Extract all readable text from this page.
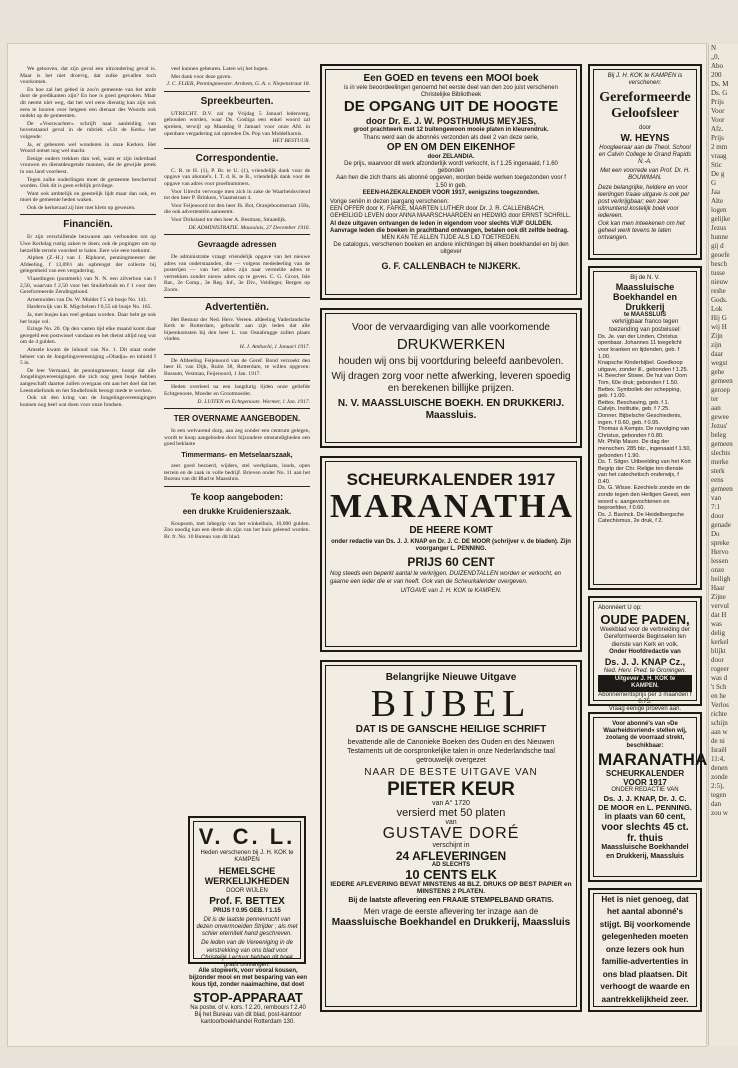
We gelooven, dat zijn geval een uitzondering geval is. Maar is het niet droevig, dat zulke gevallen toch voorkomen.

En hoe zal het gebed in zoo'n gemeente van het ambt door de predikanten zijn? En hoe is goed gesproken. Maar dit neemt niet weg, dat het wel eens dienstig kan zijn ook eens te hooren over hetgeen een dienaar des Woords ook ondekt op de gemeenten.

De »Voorwachter« schrijft naar aanleiding van bovenstaand geval in de rubriek »Uit de Kerk« het volgende:

Ja, er gebeuren wel wonderen in onze Kerken. Het Woord ontset nog wel macht.

Eenige ouders trekken dan wel, want er zijn inderdaad vrouwen en dienstdeugende mannen, die de gewijde preek in ons land voorleest.

Tegen zulke ouderlingen moet de gemeente beschermd worden. Ook dit is geen erfelijk privilege.

Want ook ambtelijk en geestelijk lijdt maar dan ook, en moet de gemeente heden waken.

Ook de kerkeraad zij hier met klem op gewezen.

Financiën.

Er zijn verschillende bezwaren aan verbonden om op Uwe Kerkdag rustig zaken te doen; ook de pogingen om op hetzelfde terrein voordeel te halen. Eere wie eere toekomt.

Alphen (Z.-H.) van J. Riphorst, penningmeester der Afdeeling, f 13,09½ als opbrengst der collecte bij gelegenheid van een vergadering.

Vlaardingen (postmerk) van N. N. een zilverbon van f 2,50, waarvan f 2,50 voor het Studiefonds en f 1 voor den Gereformeerde Zendingsbond.

Arnemuiden van Ds. W. Mulder f 5 uit busje No. 141.

Harderwijk van R. Migchelsen f 6,55 uit busje No. 165.

Ja, met busjes kan veel gedaan worden. Daar hebt ge ook het busje vol.

Ezinge No. 20. Op den vasten tijd elke maand komt daar geregeld een postwissel vandaan en het dienst altijd nog wat om de 4 gulden.

Amsele kwam de inhoud van No. 1. Dit staat onder beheer van de Jongelingsvereeniging »Obadja« en inhield f 5 in.

De leer Vermaasl, de penningmeester, hoopt dat alle Jongelingsvereenigingen die zich nog geen busje hebben aangeschaft daartoe zullen overgaan om aan het doel dat het Leestudiefonds en het Studiefonds beoogt mede te werken.

Ook uit den kring van de Jongelingsvereenigingen kunnen nog heel wat doen voor onze fondsen.

veel kunnen gebeuren. Laten wij het hopen.

Met dank voor deze gaven.

J. C. FLIER, Penningmeester. Arnhem, G. A. v. Niepenstraat 18.

Spreekbeurten.

UTRECHT. D.V. zal op Vrijdag 5 Januari ledenverg. gehouden worden, waar Ds. Gosliga een enkel woord zal spreken, terwijl op Maandag 8 Januari voor onze Afd. in openbare vergadering zal optreden Ds. Pop van Middelharnis.

HET BESTUUR.

Correspondentie.

C. R. te H. (1), P. Br. te U. (1), vriendelijk dank voor de opgave van abonné's. I. T. d. K. te B., vriendelijk dank voor de opgave van adres voor proefnummers.

Voor Utrecht vervooge men zich in zake de Waarheidsvriend tot den heer P. Brinkers, Vlaamstraat 4.

Voor Feijenoord tot den heer Jh. Bot, Oranjeboomstraat 158a, die ook advertentiën aanneemt.

Voor Dirksland tot den heer A. Bestman, Straatdijk.

DE ADMINISTRATIE. Maassluis, 27 December 1916.

Gevraagde adressen

De administratie vraagt vriendelijk opgave van het nieuwe adres van onderstaanden, die — volgens mededeeling van de posterijen — van het adres zijn naar vermelde adres te vertrekken zonder nieuw adres op te geven. C. G. Groot, Isle Bat., 2e Comp., 3e Reg. Inf., 3e Div., Veldleger, Bergen op Zoom.

Advertentiën.

Het Bestuur der Ned. Herv. Vereen. afdeeling Vaderlandsche Kerk te Rotterdam, gebracht aan zijn leden dat alle bijeenkomsten bij den heer L. van Osnabrugge zullen plaats vinden.

H. J. Ambachi, 1 Januari 1917.

De Afdeeling Feijenoord van de Geref. Bond verzoekt den heer H. van Dijk, Ruim 38, Rotterdam, te willen opgeven: Bussum, Vestman, Feijenoord, 1 Jan. 1917.

Heden overleed na een langdurig lijden onze geliefde Echtgenoote, Moeder en Grootmoeder.

D. LUITEN en Echtgenoote. Wormer, 1 Jan. 1917.

TER OVERNAME AANGEBODEN.

In een welvarend dorp, aan zeg zonder een centrum gelegen, wordt te koop aangeboden door bijzondere omstandigheden een goed beklante

Timmermans- en Metselaarszaak,

zeer goed bezoerd, wijders, stel werkplaats, loods, open terrein en de zaak in volle bedrijf. Brieven onder No. 11 aan het Bureau van dit Blad te Maassluis.

Te koop aangeboden:
een drukke Kruidenierszaak.

Koopsom, met inbegrip van het winkelhuis, 10,000 gulden. Zoo noodig kan een derde als zijn van het huis geleend worden. Br. fr. No. 10 Bureau van dit blad.

V. C. L.
Heden verschenen bij J. H. KOK te KAMPEN
HEMELSCHE WERKELIJKHEDEN
DOOR WIJLEN
Prof. F. BETTEX
PRIJS f 0.95 GEB. f 1.15
Dit is de laatste pennevrucht van dezen onvermoeiden Strijder ; als met schier eterniteit hand geschreven.
De leden van de Vereeniging in de verstrekking van ons blad voor Christelijk Lectuur hebben dit boek gratis ontvangen.
Alle stopwerk, voor vooral kousen, bijzonder mooi en met besparing van een kous tijd, zonder naaimachine, dat doet
STOP-APPARAAT
Na postw. of v. kors. f 2.20, rembours f 2.40 Bij het Bureau van dit blad, post-kantoor kantoorboekhandel Rotterdam 130.
Een GOED en tevens een MOOI boek
is in vele beoordeelingen genoemd het eerste deel van den zoo juist verschenen Christelijke Bibliotheek
DE OPGANG UIT DE HOOGTE
door Dr. E. J. W. POSTHUMUS MEYJES,
groot prachtwerk met 12 buitengewoon mooie platen in kleurendruk.
Thans werd aan de abonnés verzonden als deel 2 van deze serie,
OP EN OM DEN EIKENHOF
door ZELANDIA.
De prijs, waarvoor dit werk afzonderlijk wordt verkocht, is f 1.25 ingenaaid, f 1.60 gebonden
Aan hen die zich thans als abonné opgeven, worden beide werken toegezonden voor f 1.50 in geb.
EEEN-HAZEKALENDER VOOR 1917, eenigszins toegezonden.
Vorige seriën in dezen jaargang verschenen:
EEN OFFER door K. FAFKE, MAARTEN LUTHER door Dr. J. R. CALLENBACH, GEHEILIGD LEVEN door ANNA MAARSCHAARDEN en HEDWIG door ERNST SCHRILL.
Al deze uitgaven ontvangen de leden in eigendom voor slechts VIJF GULDEN. Aanvrage leden die boeken in prachtband ontvangen, betalen ook dit zelfde bedrag.
MEN KAN TE ALLEN TIJDE ALS LID TOETREDEN.
De catalogus, verschenen boeken en andere inlichtingen bij elken boekhandel en bij den uitgever
G. F. CALLENBACH te NIJKERK.
Voor de vervaardiging van alle voorkomende
DRUKWERKEN
houden wij ons bij voortduring beleefd aanbevolen.
Wij dragen zorg voor nette afwerking, leveren spoedig en berekenen billijke prijzen.
N. V. MAASSLUISCHE BOEKH. EN DRUKKERIJ.
Maassluis.
SCHEURKALENDER 1917
MARANATHA
DE HEERE KOMT
onder redactie van Ds. J. J. KNAP en Dr. J. C. DE MOOR (schrijver v. de bladen). Zijn voorganger L. PENNING.
PRIJS 60 CENT
Nog steeds een beperkt aantal te verkrijgen. DUIZENDTALLEN worden er verkocht, en gaarne een ieder die er van heeft. Ook van de Scheurkalender overgeven.
UITGAVE van J. H. KOK te KAMPEN.
Belangrijke Nieuwe Uitgave
BIJBEL
DAT IS DE GANSCHE HEILIGE SCHRIFT
bevattende alle de Canonieke Boeken des Ouden en des Nieuwen Testaments uit de oorspronkelijke talen in onze Nederlandsche taal getrouwelijk overgezet
NAAR DE BESTE UITGAVE VAN
PIETER KEUR
van A° 1720
versierd met 50 platen
van
GUSTAVE DORÉ
verschijnt in
24 AFLEVERINGEN
AD SLECHTS
10 CENTS ELK
IEDERE AFLEVERING BEVAT MINSTENS 48 BLZ. DRUKS OP BEST PAPIER en MINSTENS 2 PLATEN.
Bij de laatste aflevering een FRAAIE STEMPELBAND GRATIS.
Men vrage de eerste aflevering ter inzage aan de
Maassluische Boekhandel en Drukkerij, Maassluis
Bij J. H. KOK te KAMPEN is verschenen:
Gereformeerde Geloofsleer
door
W. HEYNS
Hoogleeraar aan de Theol. School en Calvin College te Grand Rapids N.-A.
Met een voorrede van Prof. Dr. H. BOUWMAN.
Deze belangrijke, heldere en voor leerlingen fraaie uitgave is ook per post verkrijgbaar; een zeer uitmuntend kostelijk boek voor iedereen.
Ook kan men inteekenen om het geheel werk tevens te laten ontvangen.
Bij de N. V.
Maassluische Boekhandel en Drukkerij
te MAASSLUIS
verkrijgbaar franco tegen toezending van postwissel:

Ds. Je. van der Linden, Christus openbaar. Johannes 11 toegelicht voor kranken en lijdenden, geb. f 1.00.

Knapsche Kinderbijbel. Goedkoop uitgave, zonder ill., gebonden f 1.25.

H. Beecher Stowe. De hut van Oom Tom, 60e druk; gebonden f 1.50.

Bettex. Symboliek der schepping, geb. f 1.00.

Bettex. Beschaving, geb. f 1.

Calvijn. Institutie, geb. f 7.25.

Donner. Bijbelsche Geschiedenis, ingen. f 0.60, geb. f 0.95.

Thomas à Kempis. De navolging van Christus, gebonden f 0.80.

Mr. Philip Mauro. De dag der menschen. 285 blz., ingenaaid f 1.50, gebonden f 1.90.

Ds. T. Sitger. Uitbeelding van het Kort Begrip der Chr. Religie ten dienste van het catechetisch onderwijs, f 0.40.

Ds. G. Wisse. Ezechiels zonde en de zonde tegen den Heiligen Geest, een woord v. aangevochtenen en beproefden, f 0.60.

Ds. J. Bavinck. De Heidelbergsche Catechismus, 2e druk, f 2.

Abonnéert U op:
OUDE PADEN,
Weekblad voor de verbreiding der Gereformeerde Beginselen ten dienste van Kerk en volk.
Onder Hoofdredactie van
Ds. J. J. KNAP Cz.,
Ned. Herv. Pred. te Groningen.
Uitgever J. H. KOK te KAMPEN.
Abonnementsprijs per 3 maanden f 0.75.
Vraag eenige proeven aan.
Voor abonné's van »De Waarheidsvriend« stellen wij, zoolang de voorraad strekt, beschikbaar:
MARANATHA
SCHEURKALENDER VOOR 1917
ONDER REDACTIE VAN
Ds. J. J. KNAP, Dr. J. C. DE MOOR en L. PENNING.
in plaats van 60 cent,
voor slechts 45 ct. fr. thuis
Maassluische Boekhandel en Drukkerij, Maassluis
Het is niet genoeg, dat het aantal abonné's stijgt. Bij voorkomende gelegenheden moeten onze lezers ook hun familie-advertenties in ons blad plaatsen. Dit verhoogt de waarde en aantrekkelijkheid zeer.
N
„0,
Abo
200
Ds. M
Ds. G
Prijs
Voor
Voor
Afz.
Prijs
2 mm
vraag
Stic
De g
G
Jaa
Alte
logen
gelijke
Jezus
hunne
gij d
geoefe
besch
tusse
nieuw
reshe
Gods.
Lok
Hij G
wij H
Zijn
zijn
daar
wegst
gehe
gemeen
geroep
ter
aan
gewee
Jezus'
beleg
gemeen
slechts
merke
sterk
eens
gemeen
van
7:1
door
genade
Do
spreke
Hervo
lessen
onze
heiligh
Haar
Zijne
vervul
dat H
was
delig
kerkel
blijkt
door
rogeer
was d
't Sch
en he
Verlos
richte
schijn
aan w
de ni
Israël
11:4,
denen
zonde
2:5),
tegen
dan
zou w
